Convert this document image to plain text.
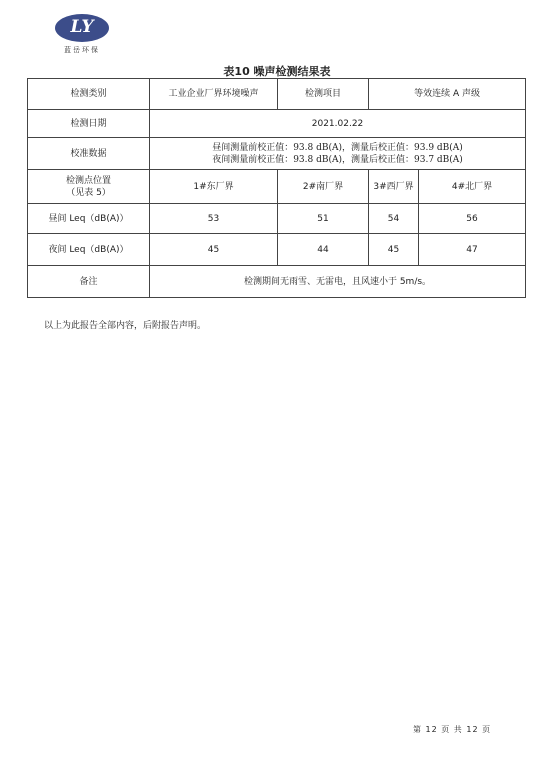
LY
蓝岳环保
表10 噪声检测结果表
检测类别	工业企业厂界环境噪声	检测项目	等效连续 A 声级	
检测日期	2021.02.22			
校准数据	昼间测量前校正值：93.8 dB(A)，测量后校正值：93.9 dB(A)
夜间测量前校正值：93.8 dB(A)，测量后校正值：93.7 dB(A)			

检测点位置
（见表 5）	1#东厂界	2#南厂界	3#西厂界	4#北厂界
昼间 Leq（dB(A)）	53	51	54	56
夜间 Leq（dB(A)）	45	44	45	47
备注	检测期间无雨雪、无雷电，且风速小于 5m/s。			
以上为此报告全部内容，后附报告声明。
第 12 页 共 12 页
